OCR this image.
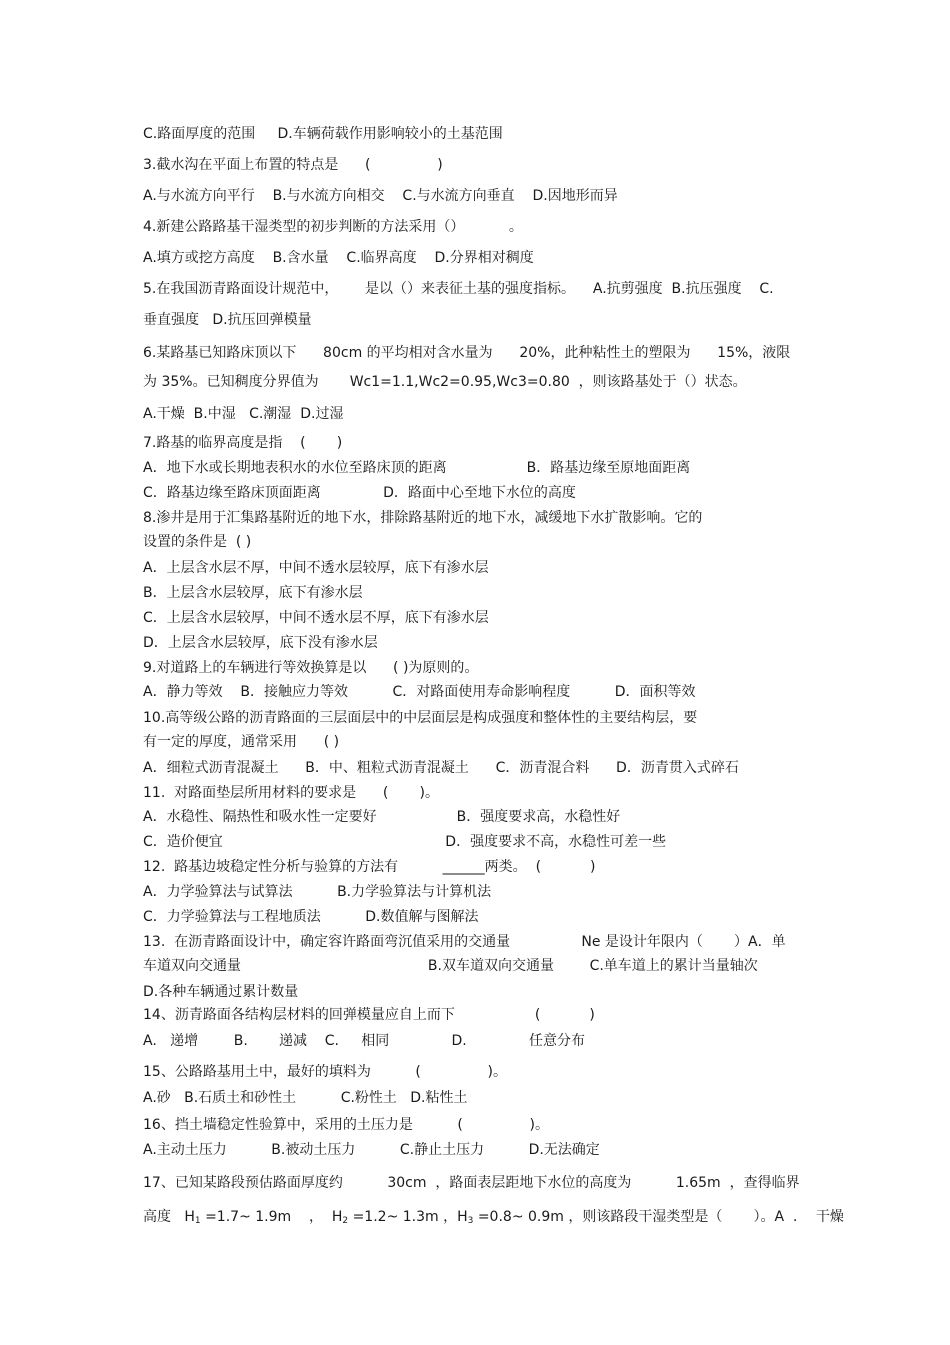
C.路面厚度的范围     D.车辆荷载作用影响较小的土基范围
3.截水沟在平面上布置的特点是      (               )
A.与水流方向平行    B.与水流方向相交    C.与水流方向垂直    D.因地形而异
4.新建公路路基干湿类型的初步判断的方法采用（）          。
A.填方或挖方高度    B.含水量    C.临界高度    D.分界相对稠度
5.在我国沥青路面设计规范中，      是以（）来表征土基的强度指标。    A.抗剪强度  B.抗压强度    C.
垂直强度   D.抗压回弹模量
6.某路基已知路床顶以下      80cm 的平均相对含水量为      20%，此种粘性土的塑限为      15%，液限
为 35%。已知稠度分界值为       Wc1=1.1,Wc2=0.95,Wc3=0.80  ，则该路基处于（）状态。
A.干燥  B.中湿   C.潮湿  D.过湿
7.路基的临界高度是指    (       )
A．地下水或长期地表积水的水位至路床顶的距离                  B．路基边缘至原地面距离
C．路基边缘至路床顶面距离              D．路面中心至地下水位的高度
8.渗井是用于汇集路基附近的地下水，排除路基附近的地下水，减缓地下水扩散影响。它的
设置的条件是  ( )
A．上层含水层不厚，中间不透水层较厚，底下有渗水层
B．上层含水层较厚，底下有渗水层
C．上层含水层较厚，中间不透水层不厚，底下有渗水层
D．上层含水层较厚，底下没有渗水层
9.对道路上的车辆进行等效换算是以      ( )为原则的。
A．静力等效    B．接触应力等效          C．对路面使用寿命影响程度          D．面积等效
10.高等级公路的沥青路面的三层面层中的中层面层是构成强度和整体性的主要结构层，要
有一定的厚度，通常采用      ( )
A．细粒式沥青混凝土      B．中、粗粒式沥青混凝土      C．沥青混合料      D．沥青贯入式碎石
11.  对路面垫层所用材料的要求是      (       )。
A．水稳性、隔热性和吸水性一定要好                  B．强度要求高，水稳性好
C．造价便宜                                                  D．强度要求不高，水稳性可差一些
12.  路基边坡稳定性分析与验算的方法有          ______两类。  (           )
A．力学验算法与试算法          B.力学验算法与计算机法
C．力学验算法与工程地质法          D.数值解与图解法
13.  在沥青路面设计中，确定容许路面弯沉值采用的交通量                Ne 是设计年限内（       ）A．单
车道双向交通量                                          B.双车道双向交通量        C.单车道上的累计当量轴次
D.各种车辆通过累计数量
14、沥青路面各结构层材料的回弹模量应自上而下                  (           )
A.   递增        B.       递减    C.     相同              D.              任意分布
15、公路路基用土中，最好的填料为          (               )。
A.砂   B.石质土和砂性土          C.粉性土   D.粘性土
16、挡土墙稳定性验算中，采用的土压力是          (               )。
A.主动土压力          B.被动土压力          C.静止土压力          D.无法确定
17、已知某路段预估路面厚度约          30cm  ，路面表层距地下水位的高度为          1.65m  ，查得临界
高度   $H_1$ =1.7~ 1.9m    ，  $H_2$ =1.2~ 1.3m ，$H_3$ =0.8~ 0.9m ，则该路段干湿类型是（       ）。A  ．  干燥
